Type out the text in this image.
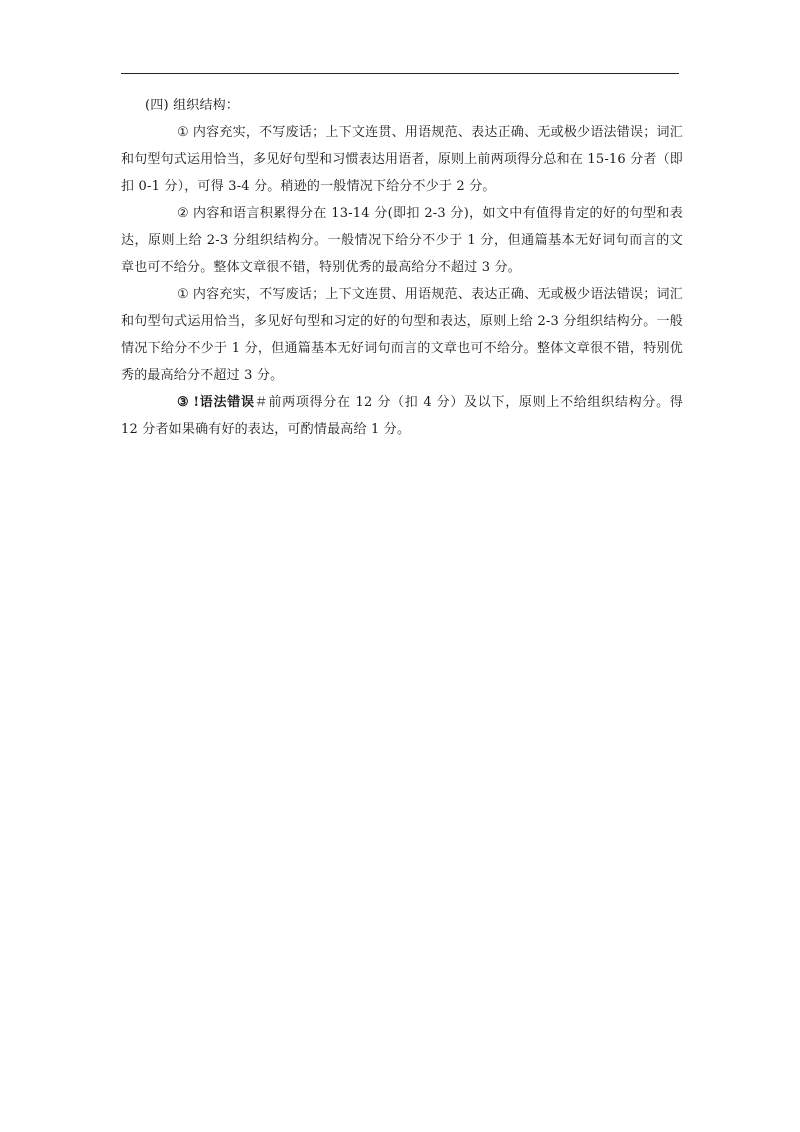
(四) 组织结构：

① 内容充实，不写废话；上下文连贯、用语规范、表达正确、无或极少语法错误；词汇和句型句式运用恰当，多见好句型和习惯表达用语者，原则上前两项得分总和在 15-16 分者（即扣 0-1 分），可得 3-4 分。稍逊的一般情况下给分不少于 2 分。

② 内容和语言积累得分在 13-14 分(即扣 2-3 分)，如文中有值得肯定的好的句型和表达，原则上给 2-3 分组织结构分。一般情况下给分不少于 1 分，但通篇基本无好词句而言的文章也可不给分。整体文章很不错，特别优秀的最高给分不超过 3 分。

① 内容充实，不写废话；上下文连贯、用语规范、表达正确、无或极少语法错误；词汇和句型句式运用恰当，多见好句型和习定的好的句型和表达，原则上给 2-3 分组织结构分。一般情况下给分不少于 1 分，但通篇基本无好词句而言的文章也可不给分。整体文章很不错，特别优秀的最高给分不超过 3 分。

③ !语法错误＃前两项得分在 12 分（扣 4 分）及以下，原则上不给组织结构分。得 12 分者如果确有好的表达，可酌情最高给 1 分。
